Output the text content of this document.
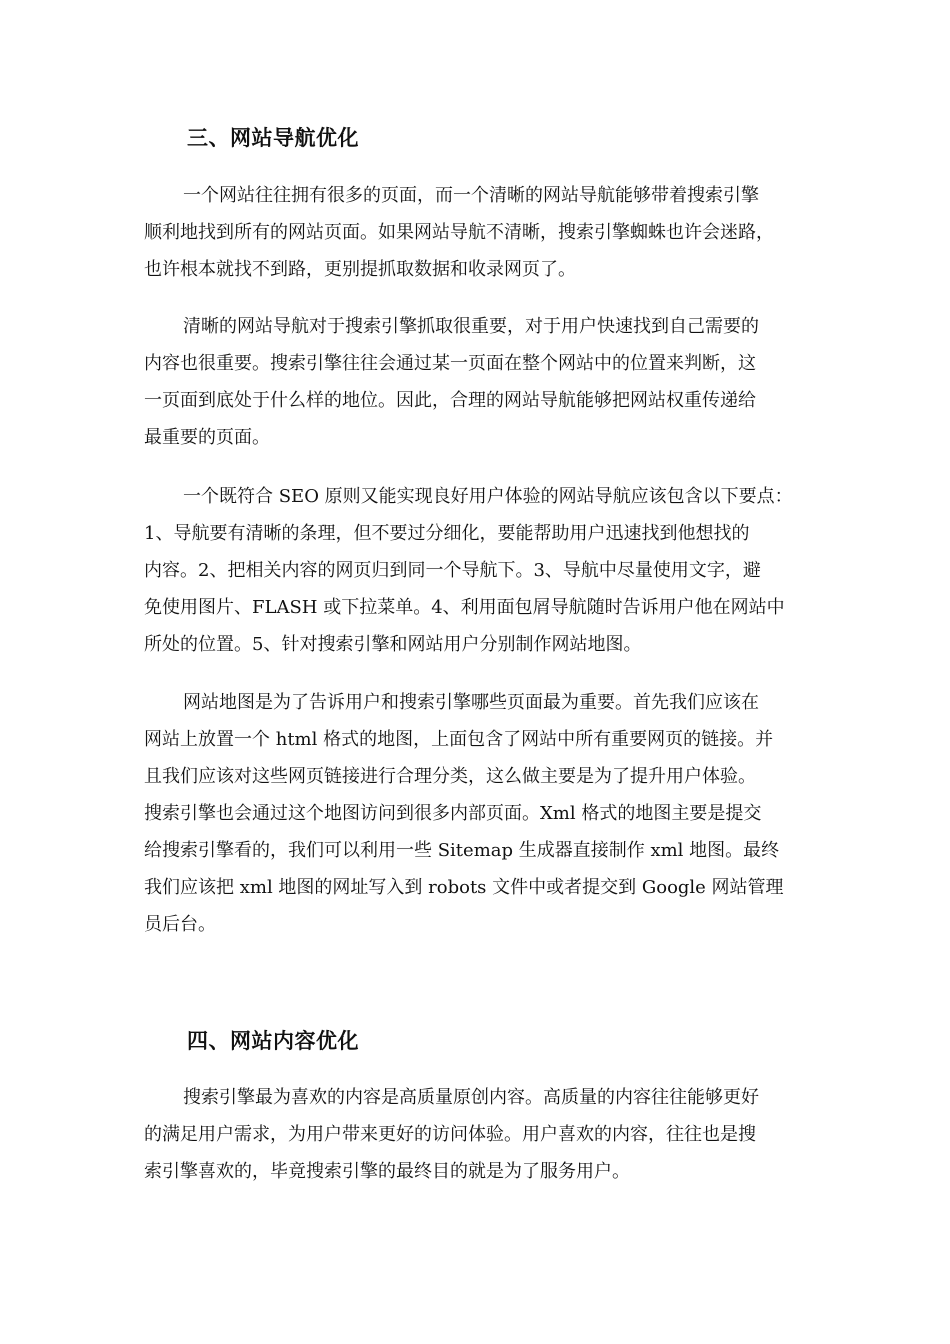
三、网站导航优化

一个网站往往拥有很多的页面，而一个清晰的网站导航能够带着搜索引擎
顺利地找到所有的网站页面。如果网站导航不清晰，搜索引擎蜘蛛也许会迷路，
也许根本就找不到路，更别提抓取数据和收录网页了。

清晰的网站导航对于搜索引擎抓取很重要，对于用户快速找到自己需要的
内容也很重要。搜索引擎往往会通过某一页面在整个网站中的位置来判断，这
一页面到底处于什么样的地位。因此，合理的网站导航能够把网站权重传递给
最重要的页面。

一个既符合 SEO 原则又能实现良好用户体验的网站导航应该包含以下要点：
1、导航要有清晰的条理，但不要过分细化，要能帮助用户迅速找到他想找的
内容。2、把相关内容的网页归到同一个导航下。3、导航中尽量使用文字，避
免使用图片、FLASH 或下拉菜单。4、利用面包屑导航随时告诉用户他在网站中
所处的位置。5、针对搜索引擎和网站用户分别制作网站地图。

网站地图是为了告诉用户和搜索引擎哪些页面最为重要。首先我们应该在
网站上放置一个 html 格式的地图，上面包含了网站中所有重要网页的链接。并
且我们应该对这些网页链接进行合理分类，这么做主要是为了提升用户体验。
搜索引擎也会通过这个地图访问到很多内部页面。Xml 格式的地图主要是提交
给搜索引擎看的，我们可以利用一些 Sitemap 生成器直接制作 xml 地图。最终
我们应该把 xml 地图的网址写入到 robots 文件中或者提交到 Google 网站管理
员后台。

四、网站内容优化

搜索引擎最为喜欢的内容是高质量原创内容。高质量的内容往往能够更好
的满足用户需求，为用户带来更好的访问体验。用户喜欢的内容，往往也是搜
索引擎喜欢的，毕竟搜索引擎的最终目的就是为了服务用户。
